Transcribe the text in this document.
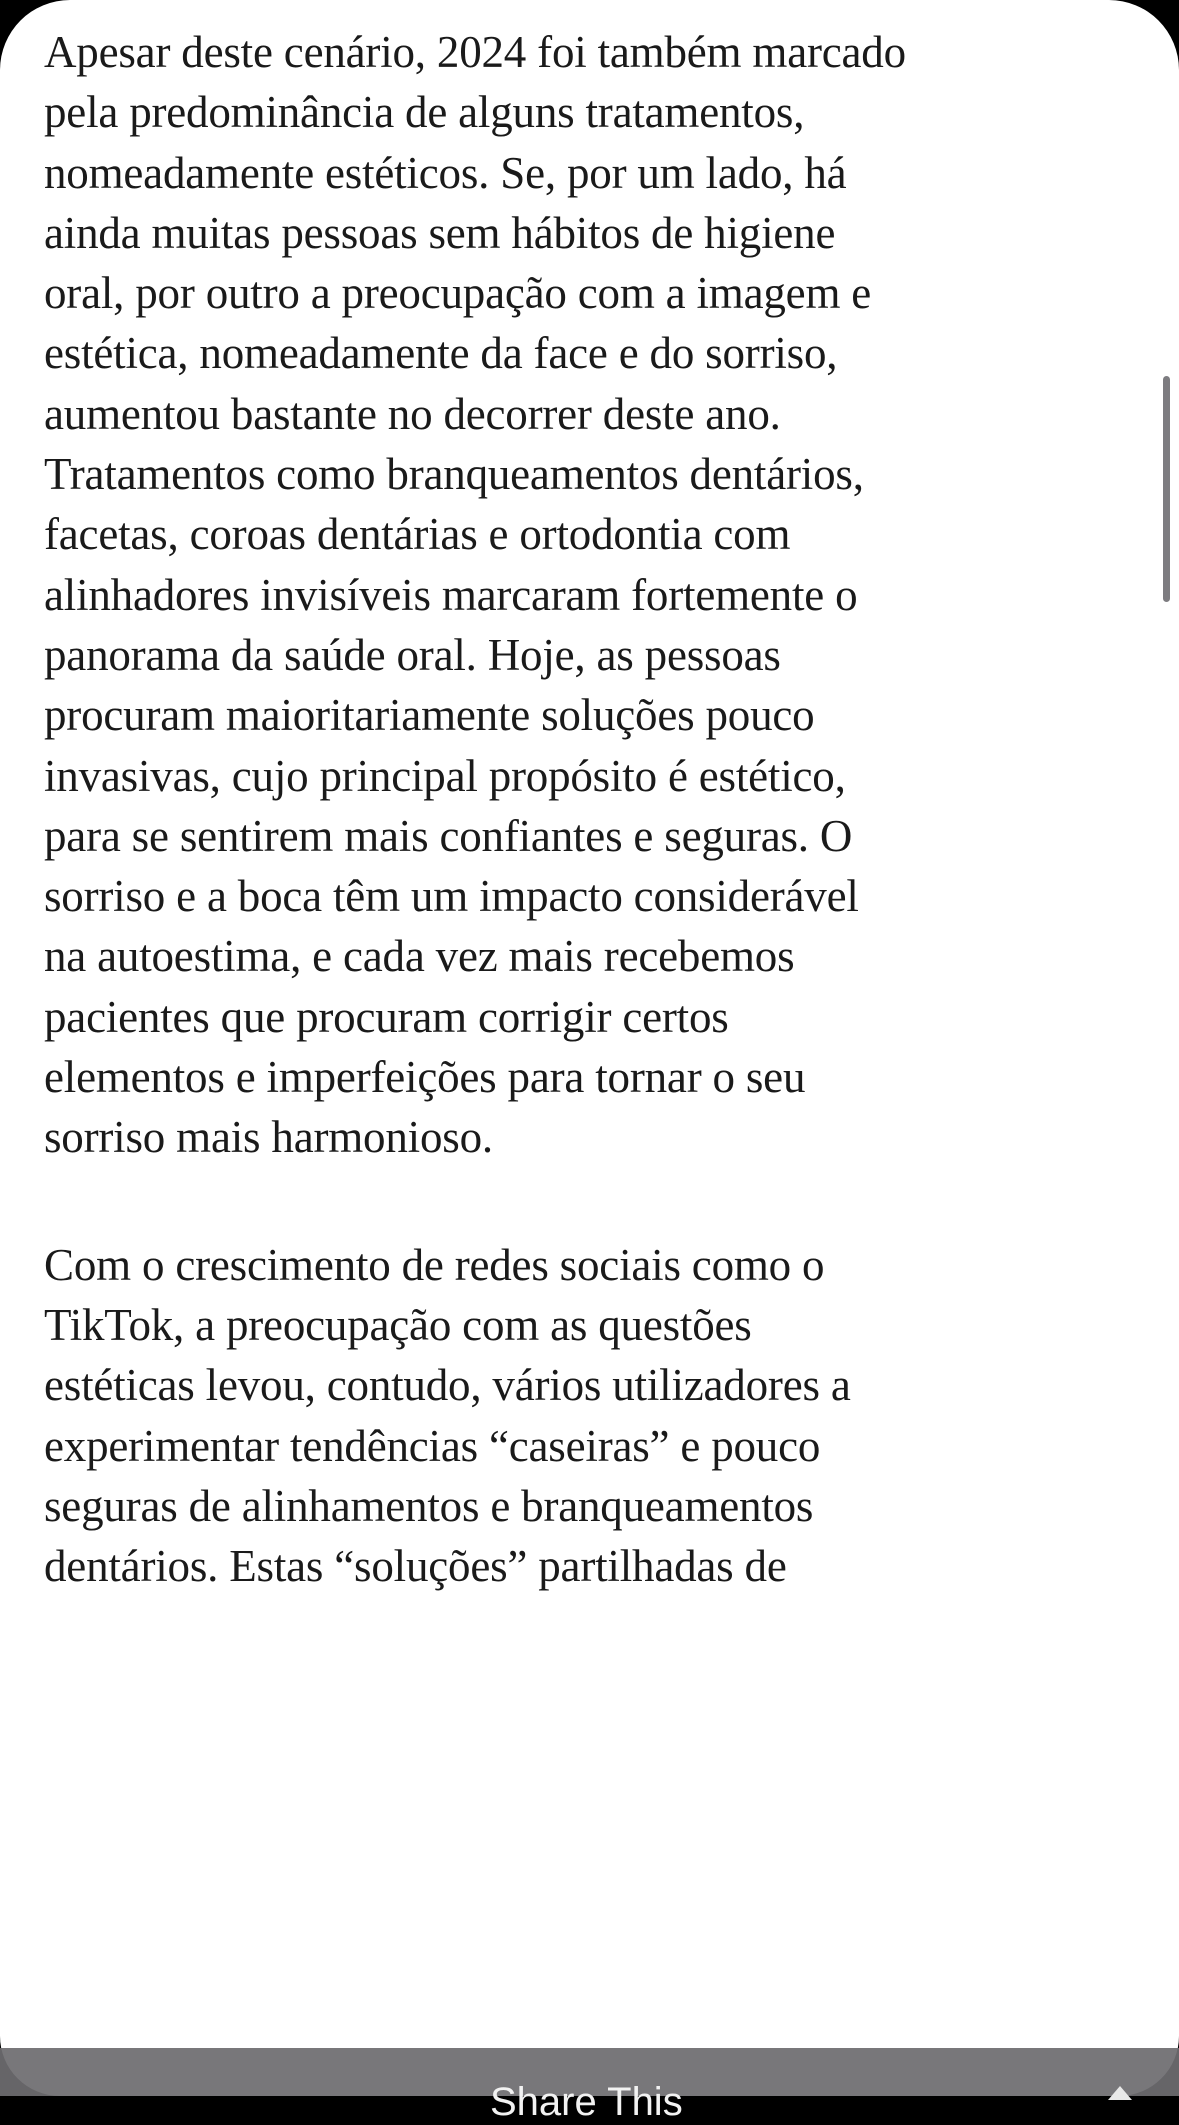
Apesar deste cenário, 2024 foi também marcado
pela predominância de alguns tratamentos,
nomeadamente estéticos. Se, por um lado, há
ainda muitas pessoas sem hábitos de higiene
oral, por outro a preocupação com a imagem e
estética, nomeadamente da face e do sorriso,
aumentou bastante no decorrer deste ano.
Tratamentos como branqueamentos dentários,
facetas, coroas dentárias e ortodontia com
alinhadores invisíveis marcaram fortemente o
panorama da saúde oral. Hoje, as pessoas
procuram maioritariamente soluções pouco
invasivas, cujo principal propósito é estético,
para se sentirem mais confiantes e seguras. O
sorriso e a boca têm um impacto considerável
na autoestima, e cada vez mais recebemos
pacientes que procuram corrigir certos
elementos e imperfeições para tornar o seu
sorriso mais harmonioso.

Com o crescimento de redes sociais como o
TikTok, a preocupação com as questões
estéticas levou, contudo, vários utilizadores a
experimentar tendências “caseiras” e pouco
seguras de alinhamentos e branqueamentos
dentários. Estas “soluções” partilhadas de

Share This
